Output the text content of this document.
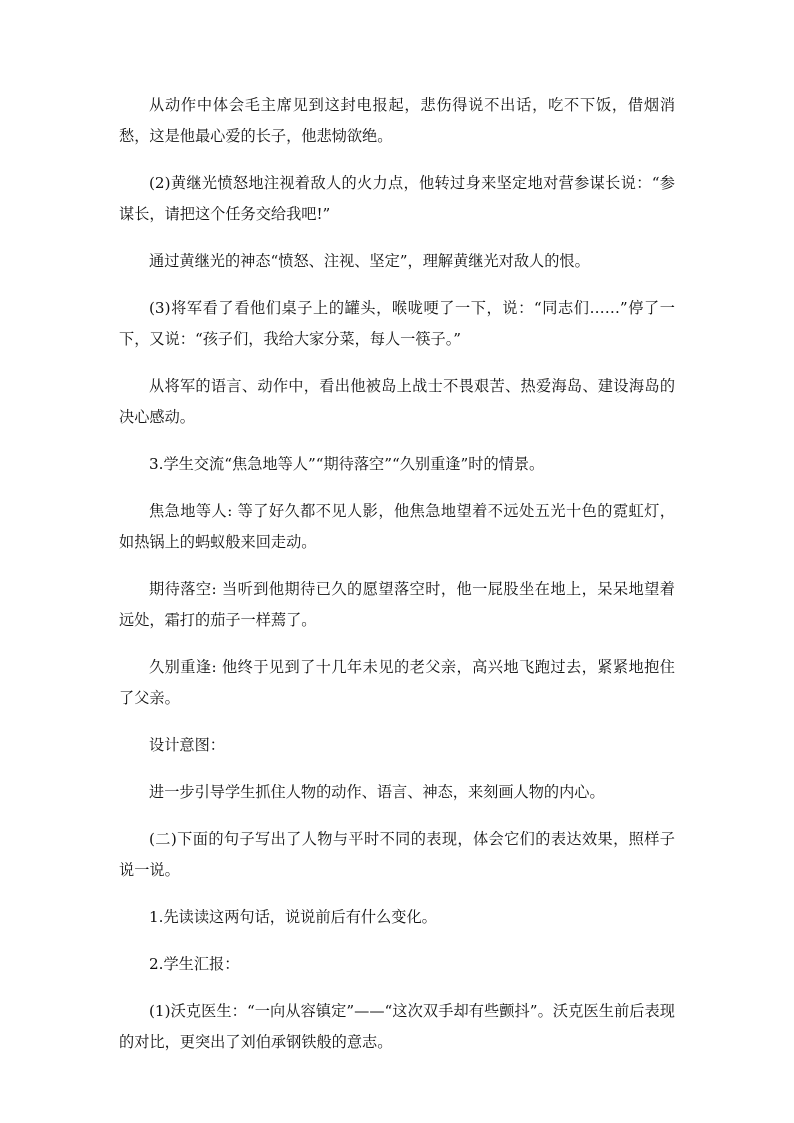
从动作中体会毛主席见到这封电报起，悲伤得说不出话，吃不下饭，借烟消愁，这是他最心爱的长子，他悲恸欲绝。

(2)黄继光愤怒地注视着敌人的火力点，他转过身来坚定地对营参谋长说：“参谋长，请把这个任务交给我吧!”

通过黄继光的神态“愤怒、注视、坚定”，理解黄继光对敌人的恨。

(3)将军看了看他们桌子上的罐头，喉咙哽了一下，说：“同志们……”停了一下，又说：“孩子们，我给大家分菜，每人一筷子。”

从将军的语言、动作中，看出他被岛上战士不畏艰苦、热爱海岛、建设海岛的决心感动。

3.学生交流“焦急地等人”“期待落空”“久别重逢”时的情景。

焦急地等人: 等了好久都不见人影，他焦急地望着不远处五光十色的霓虹灯，如热锅上的蚂蚁般来回走动。

期待落空: 当听到他期待已久的愿望落空时，他一屁股坐在地上，呆呆地望着远处，霜打的茄子一样蔫了。

久别重逢: 他终于见到了十几年未见的老父亲，高兴地飞跑过去，紧紧地抱住了父亲。

设计意图：

进一步引导学生抓住人物的动作、语言、神态，来刻画人物的内心。

(二)下面的句子写出了人物与平时不同的表现，体会它们的表达效果，照样子说一说。

1.先读读这两句话，说说前后有什么变化。

2.学生汇报：

(1)沃克医生：“一向从容镇定”——“这次双手却有些颤抖”。沃克医生前后表现的对比，更突出了刘伯承钢铁般的意志。
